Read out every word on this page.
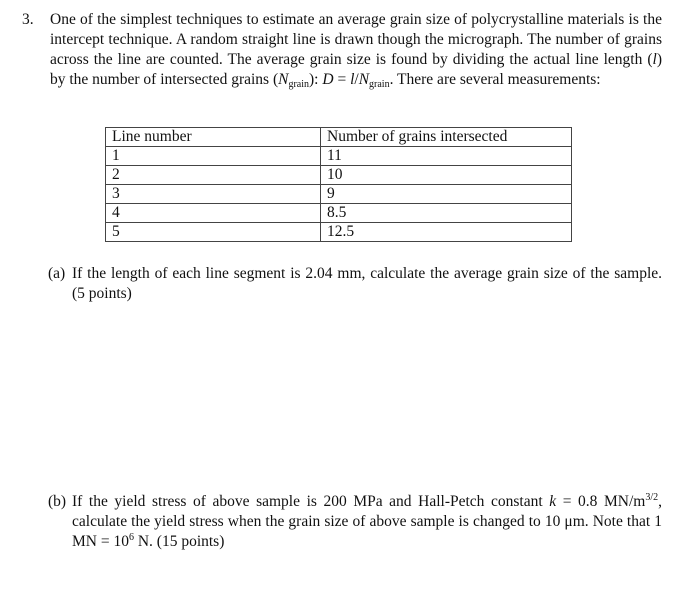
3. One of the simplest techniques to estimate an average grain size of polycrystalline materials is the intercept technique. A random straight line is drawn though the micrograph. The number of grains across the line are counted. The average grain size is found by dividing the actual line length (l) by the number of intersected grains $(N_{grain})$: $D = l/N_{grain}$. There are several measurements:
Line number	Number of grains intersected
1	11
2	10
3	9
4	8.5
5	12.5
(a) If the length of each line segment is 2.04 mm, calculate the average grain size of the sample. (5 points)
(b) If the yield stress of above sample is 200 MPa and Hall-Petch constant k = 0.8 $MN/m^{3/2}$, calculate the yield stress when the grain size of above sample is changed to 10 μm. Note that 1 MN = $10^6$ N. (15 points)
